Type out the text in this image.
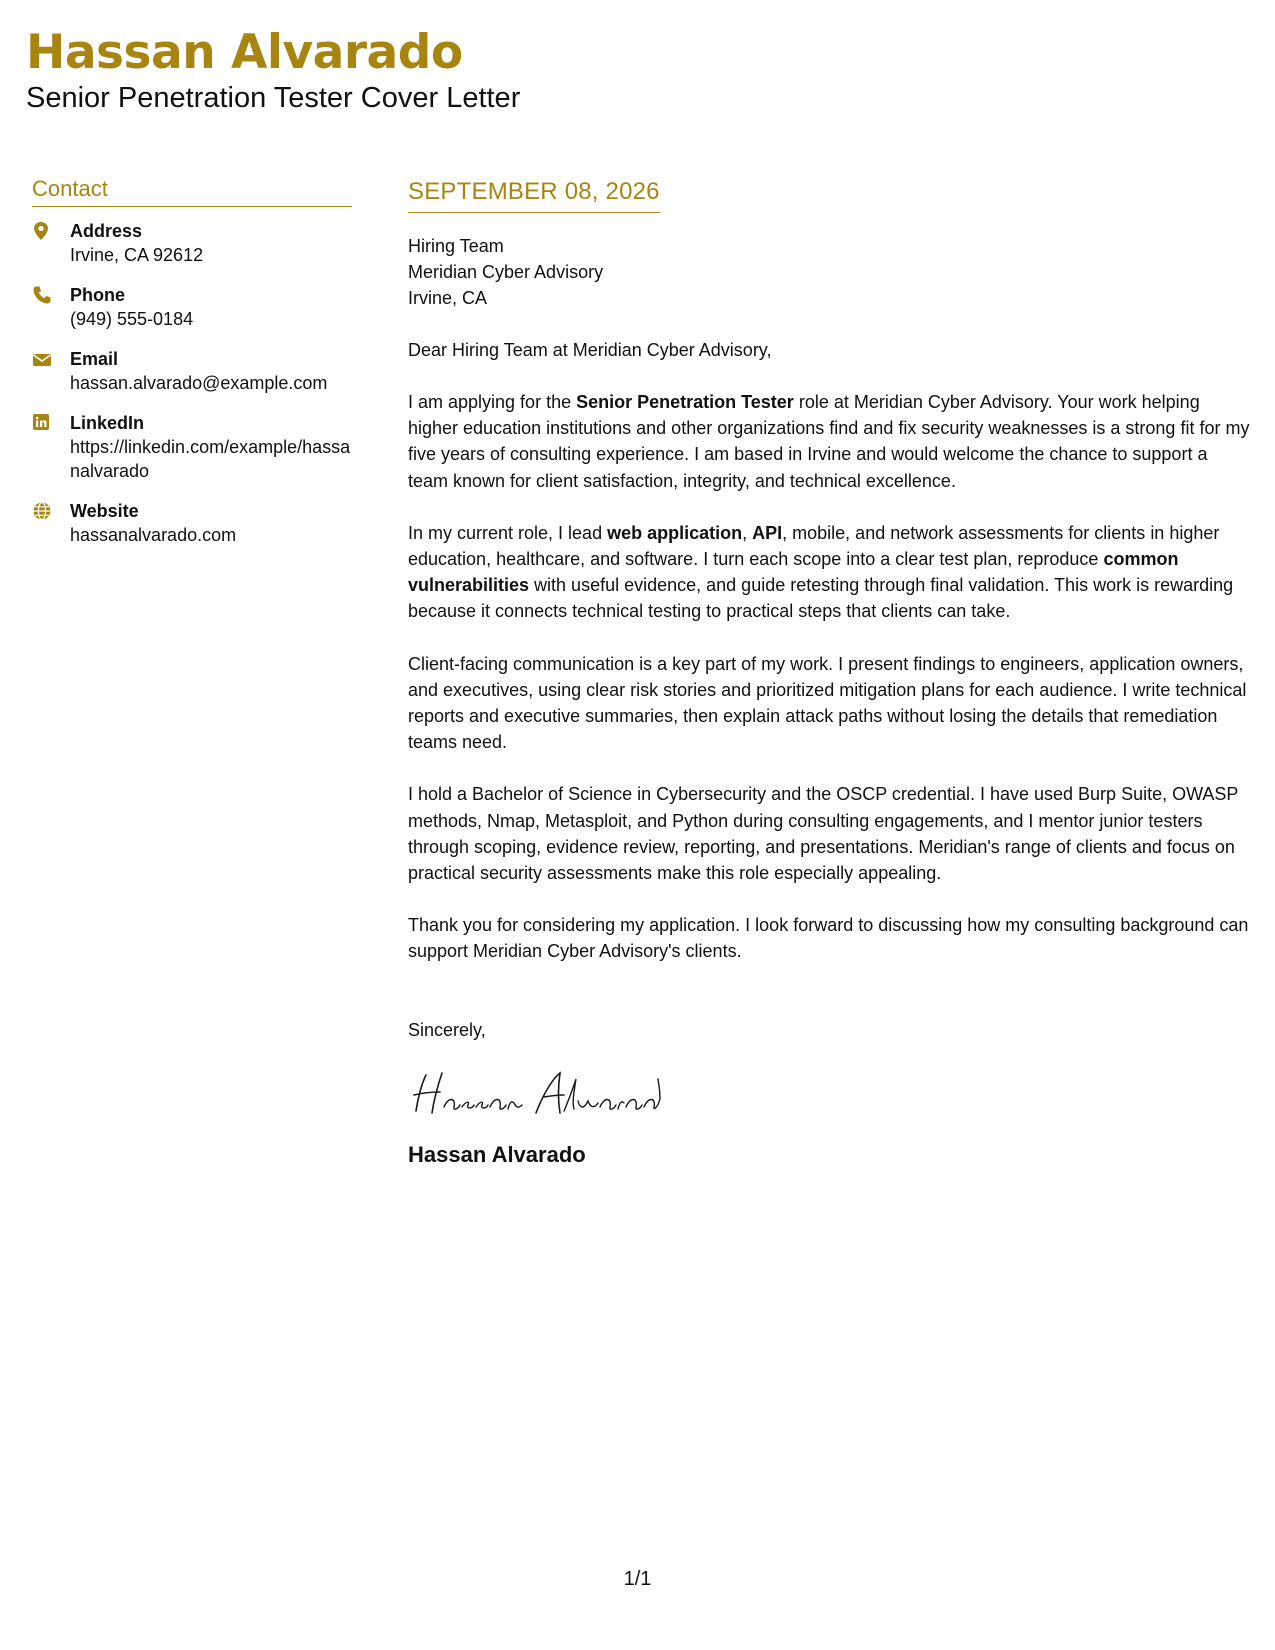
Hassan Alvarado
Senior Penetration Tester Cover Letter
Contact
Address
Irvine, CA 92612
Phone
(949) 555-0184
Email
hassan.alvarado@example.com
LinkedIn
https://linkedin.com/example/hassanalvarado
Website
hassanalvarado.com
SEPTEMBER 08, 2026
Hiring Team
Meridian Cyber Advisory
Irvine, CA
Dear Hiring Team at Meridian Cyber Advisory,
I am applying for the Senior Penetration Tester role at Meridian Cyber Advisory. Your work helping higher education institutions and other organizations find and fix security weaknesses is a strong fit for my five years of consulting experience. I am based in Irvine and would welcome the chance to support a team known for client satisfaction, integrity, and technical excellence.
In my current role, I lead web application, API, mobile, and network assessments for clients in higher education, healthcare, and software. I turn each scope into a clear test plan, reproduce common vulnerabilities with useful evidence, and guide retesting through final validation. This work is rewarding because it connects technical testing to practical steps that clients can take.
Client-facing communication is a key part of my work. I present findings to engineers, application owners, and executives, using clear risk stories and prioritized mitigation plans for each audience. I write technical reports and executive summaries, then explain attack paths without losing the details that remediation teams need.
I hold a Bachelor of Science in Cybersecurity and the OSCP credential. I have used Burp Suite, OWASP methods, Nmap, Metasploit, and Python during consulting engagements, and I mentor junior testers through scoping, evidence review, reporting, and presentations. Meridian's range of clients and focus on practical security assessments make this role especially appealing.
Thank you for considering my application. I look forward to discussing how my consulting background can support Meridian Cyber Advisory's clients.
Sincerely,
Hassan Alvarado
1/1
